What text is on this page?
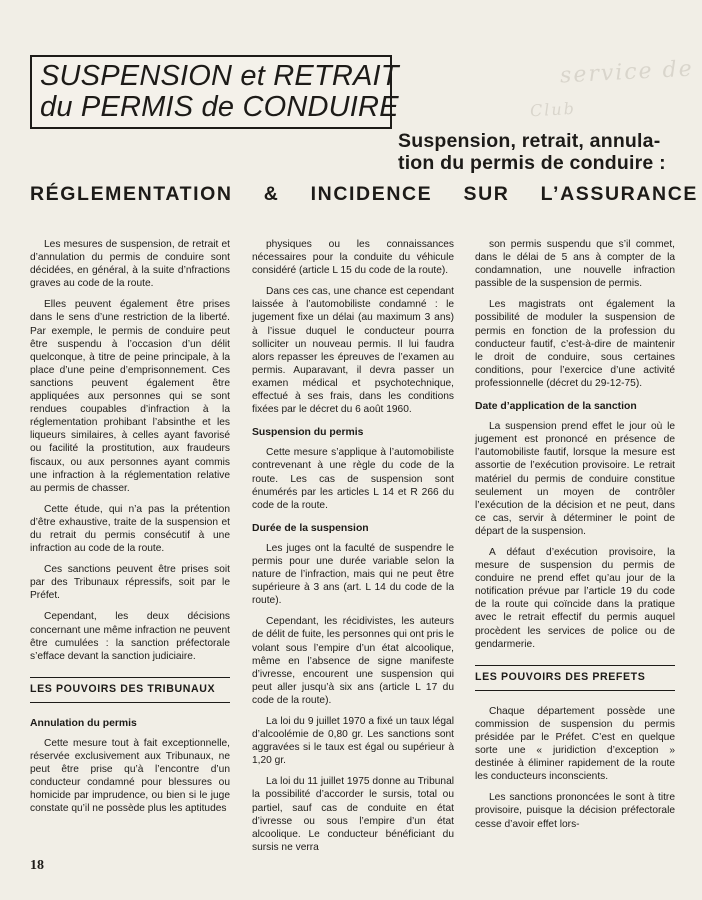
service de
Club
SUSPENSION et RETRAIT
du PERMIS de CONDUIRE
Suspension, retrait, annula-
tion du permis de conduire :
RÉGLEMENTATION & INCIDENCE SUR L’ASSURANCE

Les mesures de suspension, de retrait et d’annulation du permis de conduire sont décidées, en général, à la suite d’nfractions graves au code de la route.

Elles peuvent également être prises dans le sens d’une restriction de la liberté. Par exemple, le permis de conduire peut être suspendu à l’occasion d’un délit quelconque, à titre de peine principale, à la place d’une peine d’emprisonnement. Ces sanctions peuvent également être appliquées aux personnes qui se sont rendues coupables d’infraction à la réglementation prohibant l’absinthe et les liqueurs similaires, à celles ayant favorisé ou facilité la prostitution, aux fraudeurs fiscaux, ou aux personnes ayant commis une infraction à la réglementation relative au permis de chasser.

Cette étude, qui n’a pas la prétention d’être exhaustive, traite de la suspension et du retrait du permis consécutif à une infraction au code de la route.

Ces sanctions peuvent être prises soit par des Tribunaux répressifs, soit par le Préfet.

Cependant, les deux décisions concernant une même infraction ne peuvent être cumulées : la sanction préfectorale s’efface devant la sanction judiciaire.

LES POUVOIRS DES TRIBUNAUX
Annulation du permis

Cette mesure tout à fait exceptionnelle, réservée exclusivement aux Tribunaux, ne peut être prise qu’à l’encontre d’un conducteur condamné pour blessures ou homicide par imprudence, ou bien si le juge constate qu’il ne possède plus les aptitudes

physiques ou les connaissances nécessaires pour la conduite du véhicule considéré (article L 15 du code de la route).

Dans ces cas, une chance est cependant laissée à l’automobiliste condamné : le jugement fixe un délai (au maximum 3 ans) à l’issue duquel le conducteur pourra solliciter un nouveau permis. Il lui faudra alors repasser les épreuves de l’examen au permis. Auparavant, il devra passer un examen médical et psychotechnique, effectué à ses frais, dans les conditions fixées par le décret du 6 août 1960.

Suspension du permis

Cette mesure s’applique à l’automobiliste contrevenant à une règle du code de la route. Les cas de suspension sont énumérés par les articles L 14 et R 266 du code de la route.

Durée de la suspension

Les juges ont la faculté de suspendre le permis pour une durée variable selon la nature de l’infraction, mais qui ne peut être supérieure à 3 ans (art. L 14 du code de la route).

Cependant, les récidivistes, les auteurs de délit de fuite, les personnes qui ont pris le volant sous l’empire d’un état alcoolique, même en l’absence de signe manifeste d’ivresse, encourent une suspension qui peut aller jusqu’à six ans (article L 17 du code de la route).

La loi du 9 juillet 1970 a fixé un taux légal d’alcoolémie de 0,80 gr. Les sanctions sont aggravées si le taux est égal ou supérieur à 1,20 gr.

La loi du 11 juillet 1975 donne au Tribunal la possibilité d’accorder le sursis, total ou partiel, sauf cas de conduite en état d’ivresse ou sous l’empire d’un état alcoolique. Le conducteur bénéficiant du sursis ne verra

son permis suspendu que s’il commet, dans le délai de 5 ans à compter de la condamnation, une nouvelle infraction passible de la suspension de permis.

Les magistrats ont également la possibilité de moduler la suspension de permis en fonction de la profession du conducteur fautif, c’est-à-dire de maintenir le droit de conduire, sous certaines conditions, pour l’exercice d’une activité professionnelle (décret du 29-12-75).

Date d’application de la sanction

La suspension prend effet le jour où le jugement est prononcé en présence de l’automobiliste fautif, lorsque la mesure est assortie de l’exécution provisoire. Le retrait matériel du permis de conduire constitue seulement un moyen de contrôler l’exécution de la décision et ne peut, dans ce cas, servir à déterminer le point de départ de la suspension.

A défaut d’exécution provisoire, la mesure de suspension du permis de conduire ne prend effet qu’au jour de la notification prévue par l’article 19 du code de la route qui coïncide dans la pratique avec le retrait effectif du permis auquel procèdent les services de police ou de gendarmerie.

LES POUVOIRS DES PREFETS

Chaque département possède une commission de suspension du permis présidée par le Préfet. C’est en quelque sorte une « juridiction d’exception » destinée à éliminer rapidement de la route les conducteurs inconscients.

Les sanctions prononcées le sont à titre provisoire, puisque la décision préfectorale cesse d’avoir effet lors-

18
